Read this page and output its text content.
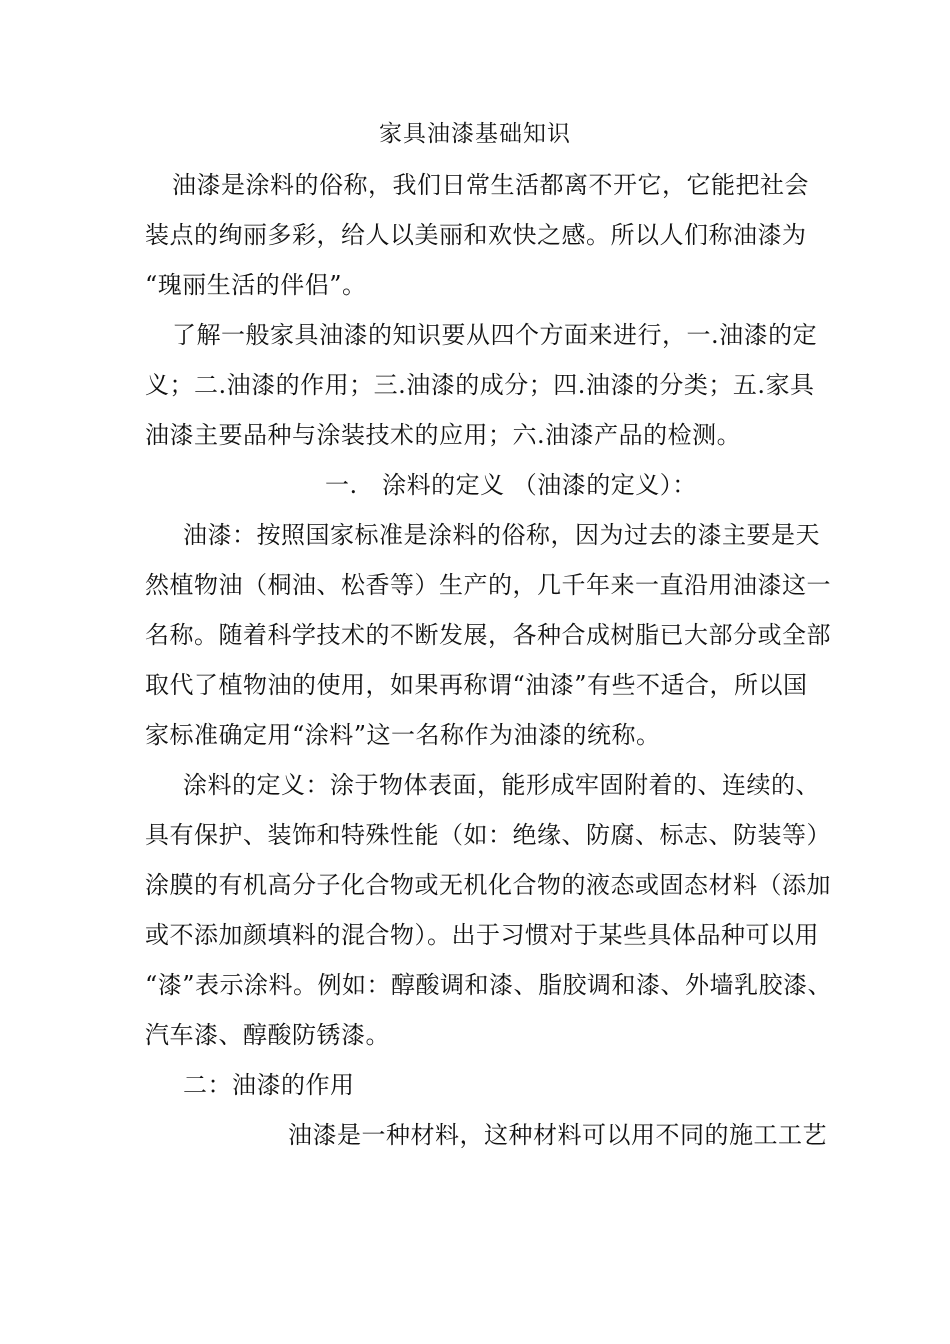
家具油漆基础知识
油漆是涂料的俗称，我们日常生活都离不开它，它能把社会
装点的绚丽多彩，给人以美丽和欢快之感。所以人们称油漆为
“瑰丽生活的伴侣”。
了解一般家具油漆的知识要从四个方面来进行，一.油漆的定
义；二.油漆的作用；三.油漆的成分；四.油漆的分类；五.家具
油漆主要品种与涂装技术的应用；六.油漆产品的检测。
一.　涂料的定义 （油漆的定义）：
油漆：按照国家标准是涂料的俗称，因为过去的漆主要是天
然植物油（桐油、松香等）生产的，几千年来一直沿用油漆这一
名称。随着科学技术的不断发展，各种合成树脂已大部分或全部
取代了植物油的使用，如果再称谓“油漆”有些不适合，所以国
家标准确定用“涂料”这一名称作为油漆的统称。
涂料的定义：涂于物体表面，能形成牢固附着的、连续的、
具有保护、装饰和特殊性能（如：绝缘、防腐、标志、防装等）
涂膜的有机高分子化合物或无机化合物的液态或固态材料（添加
或不添加颜填料的混合物）。出于习惯对于某些具体品种可以用
“漆”表示涂料。例如：醇酸调和漆、脂胶调和漆、外墙乳胶漆、
汽车漆、醇酸防锈漆。
二：油漆的作用
油漆是一种材料，这种材料可以用不同的施工工艺
